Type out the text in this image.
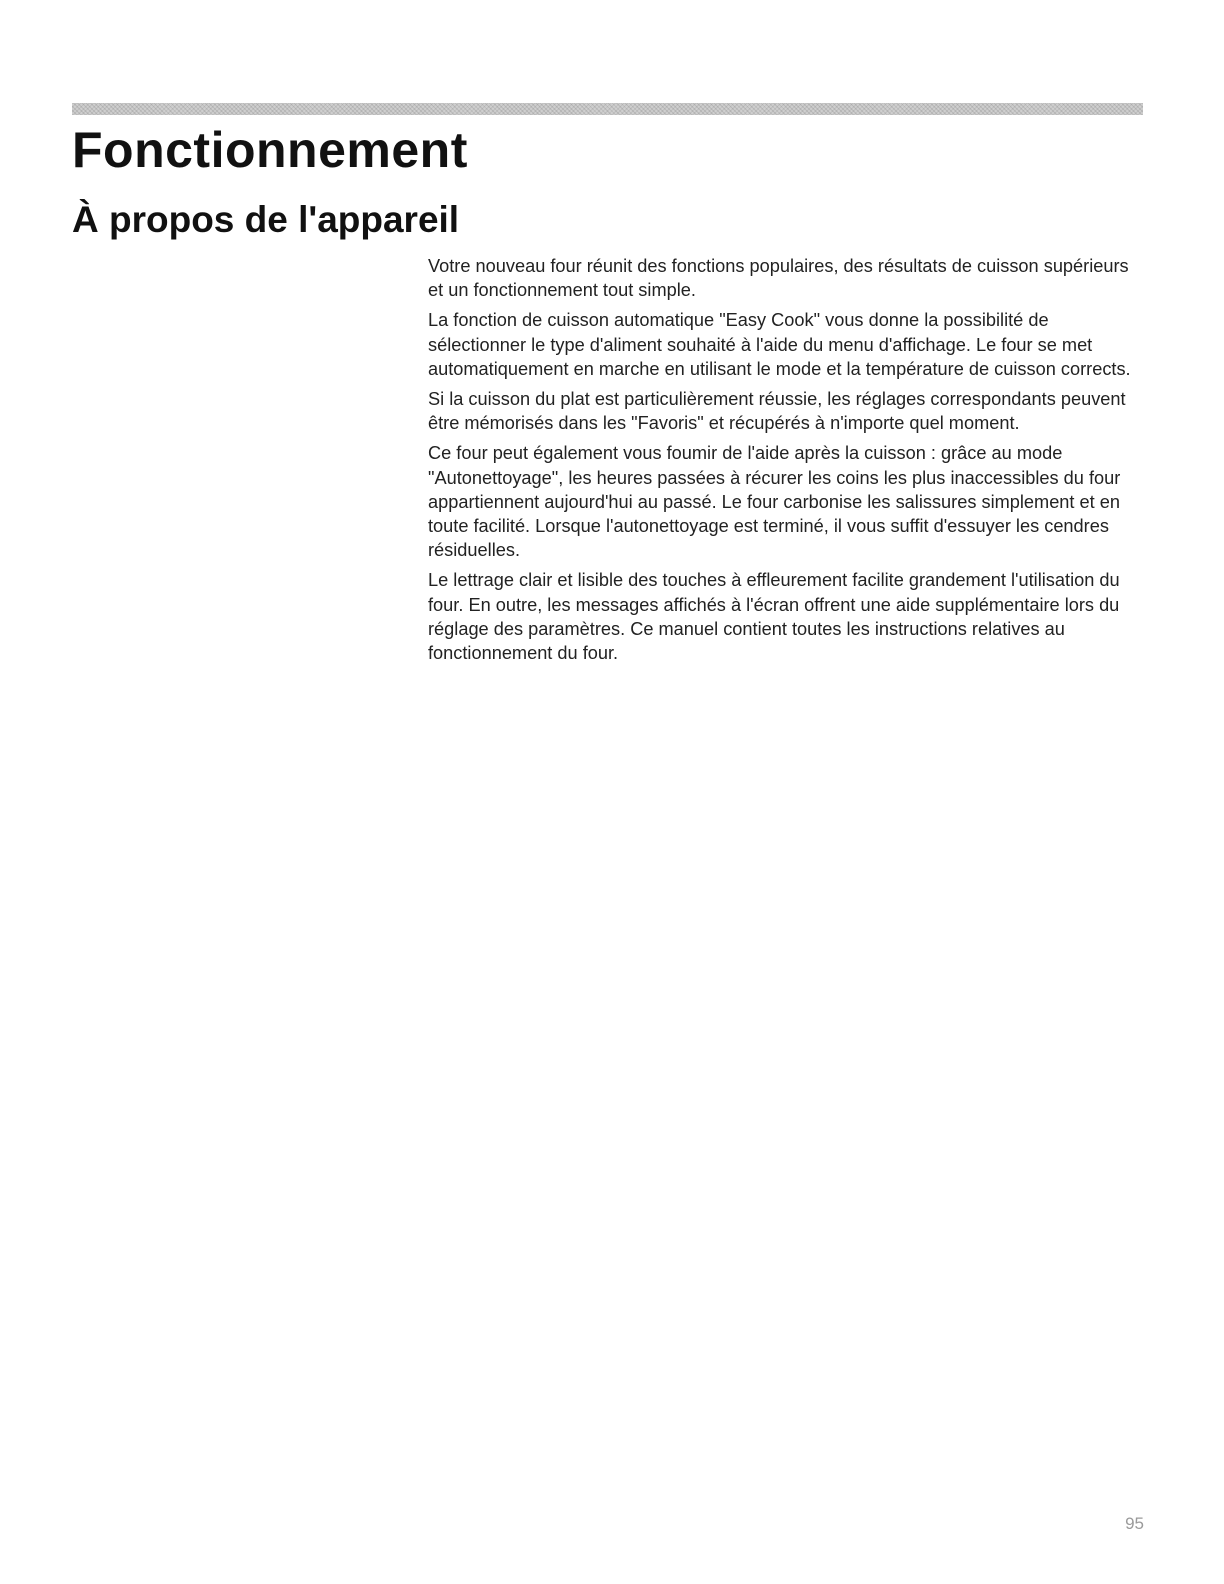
Fonctionnement
À propos de l'appareil

Votre nouveau four réunit des fonctions populaires, des résultats de cuisson supérieurs et un fonctionnement tout simple.

La fonction de cuisson automatique "Easy Cook" vous donne la possibilité de sélectionner le type d'aliment souhaité à l'aide du menu d'affichage. Le four se met automatiquement en marche en utilisant le mode et la température de cuisson corrects.

Si la cuisson du plat est particulièrement réussie, les réglages correspondants peuvent être mémorisés dans les "Favoris" et récupérés à n'importe quel moment.

Ce four peut également vous foumir de l'aide après la cuisson : grâce au mode "Autonettoyage", les heures passées à récurer les coins les plus inaccessibles du four appartiennent aujourd'hui au passé. Le four carbonise les salissures simplement et en toute facilité. Lorsque l'autonettoyage est terminé, il vous suffit d'essuyer les cendres résiduelles.

Le lettrage clair et lisible des touches à effleurement facilite grandement l'utilisation du four. En outre, les messages affichés à l'écran offrent une aide supplémentaire lors du réglage des paramètres. Ce manuel contient toutes les instructions relatives au fonctionnement du four.

95
